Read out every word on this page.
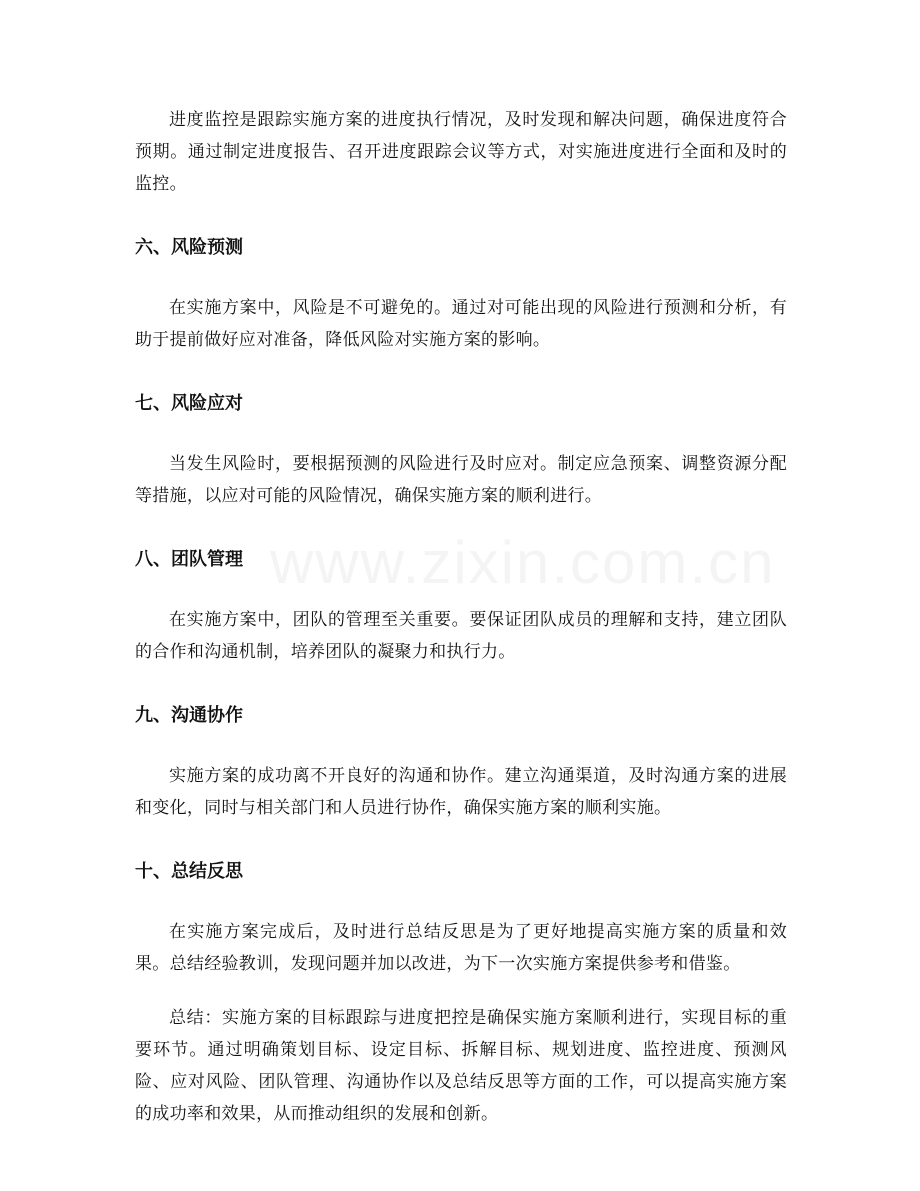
进度监控是跟踪实施方案的进度执行情况，及时发现和解决问题，确保进度符合预期。通过制定进度报告、召开进度跟踪会议等方式，对实施进度进行全面和及时的监控。

六、风险预测

在实施方案中，风险是不可避免的。通过对可能出现的风险进行预测和分析，有助于提前做好应对准备，降低风险对实施方案的影响。

七、风险应对

当发生风险时，要根据预测的风险进行及时应对。制定应急预案、调整资源分配等措施，以应对可能的风险情况，确保实施方案的顺利进行。

八、团队管理

在实施方案中，团队的管理至关重要。要保证团队成员的理解和支持，建立团队的合作和沟通机制，培养团队的凝聚力和执行力。

九、沟通协作

实施方案的成功离不开良好的沟通和协作。建立沟通渠道，及时沟通方案的进展和变化，同时与相关部门和人员进行协作，确保实施方案的顺利实施。

十、总结反思

在实施方案完成后，及时进行总结反思是为了更好地提高实施方案的质量和效果。总结经验教训，发现问题并加以改进，为下一次实施方案提供参考和借鉴。

总结：实施方案的目标跟踪与进度把控是确保实施方案顺利进行，实现目标的重要环节。通过明确策划目标、设定目标、拆解目标、规划进度、监控进度、预测风险、应对风险、团队管理、沟通协作以及总结反思等方面的工作，可以提高实施方案的成功率和效果，从而推动组织的发展和创新。

www.zixin.com.cn
